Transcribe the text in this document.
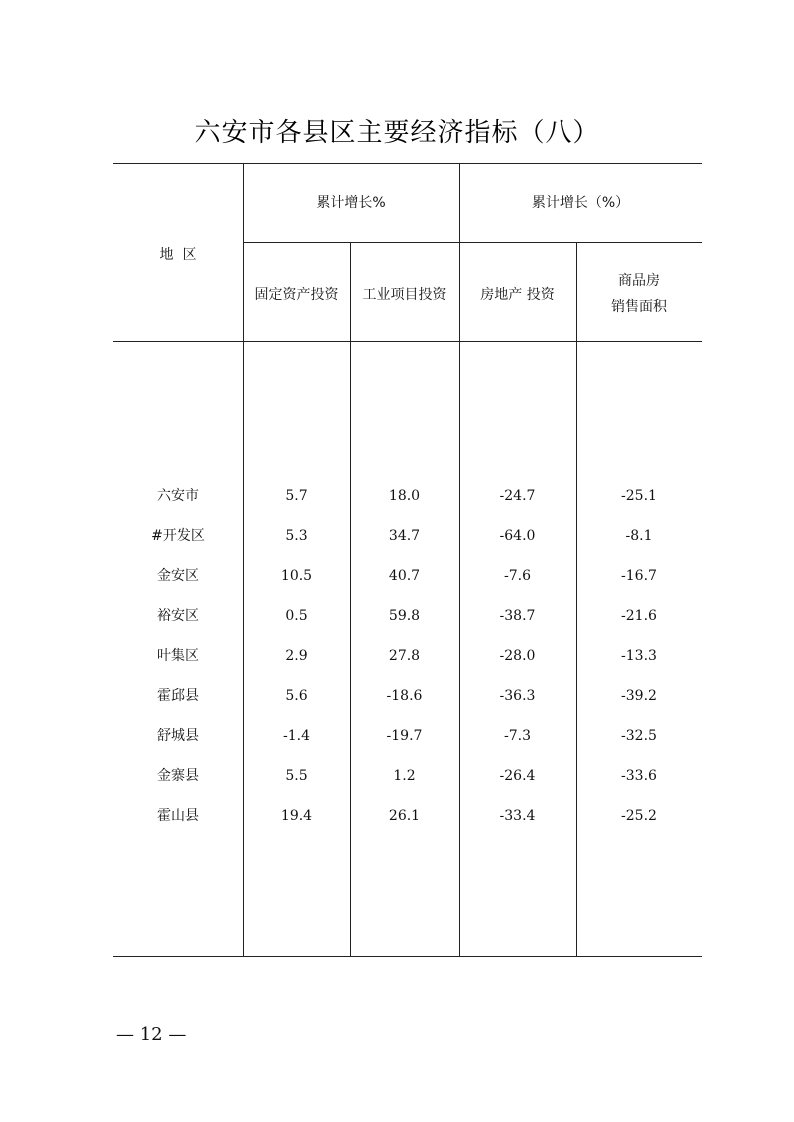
六安市各县区主要经济指标（八）
地  区
累计增长%	累计增长（%）
固定资产投资	工业项目投资	房地产 投资
商品房
销售面积
六安市	5.7	18.0	-24.7	-25.1
#开发区	5.3	34.7	-64.0	-8.1
金安区	10.5	40.7	-7.6	-16.7
裕安区	0.5	59.8	-38.7	-21.6
叶集区	2.9	27.8	-28.0	-13.3
霍邱县	5.6	-18.6	-36.3	-39.2
舒城县	-1.4	-19.7	-7.3	-32.5
金寨县	5.5	1.2	-26.4	-33.6
霍山县	19.4	26.1	-33.4	-25.2
— 12 —
